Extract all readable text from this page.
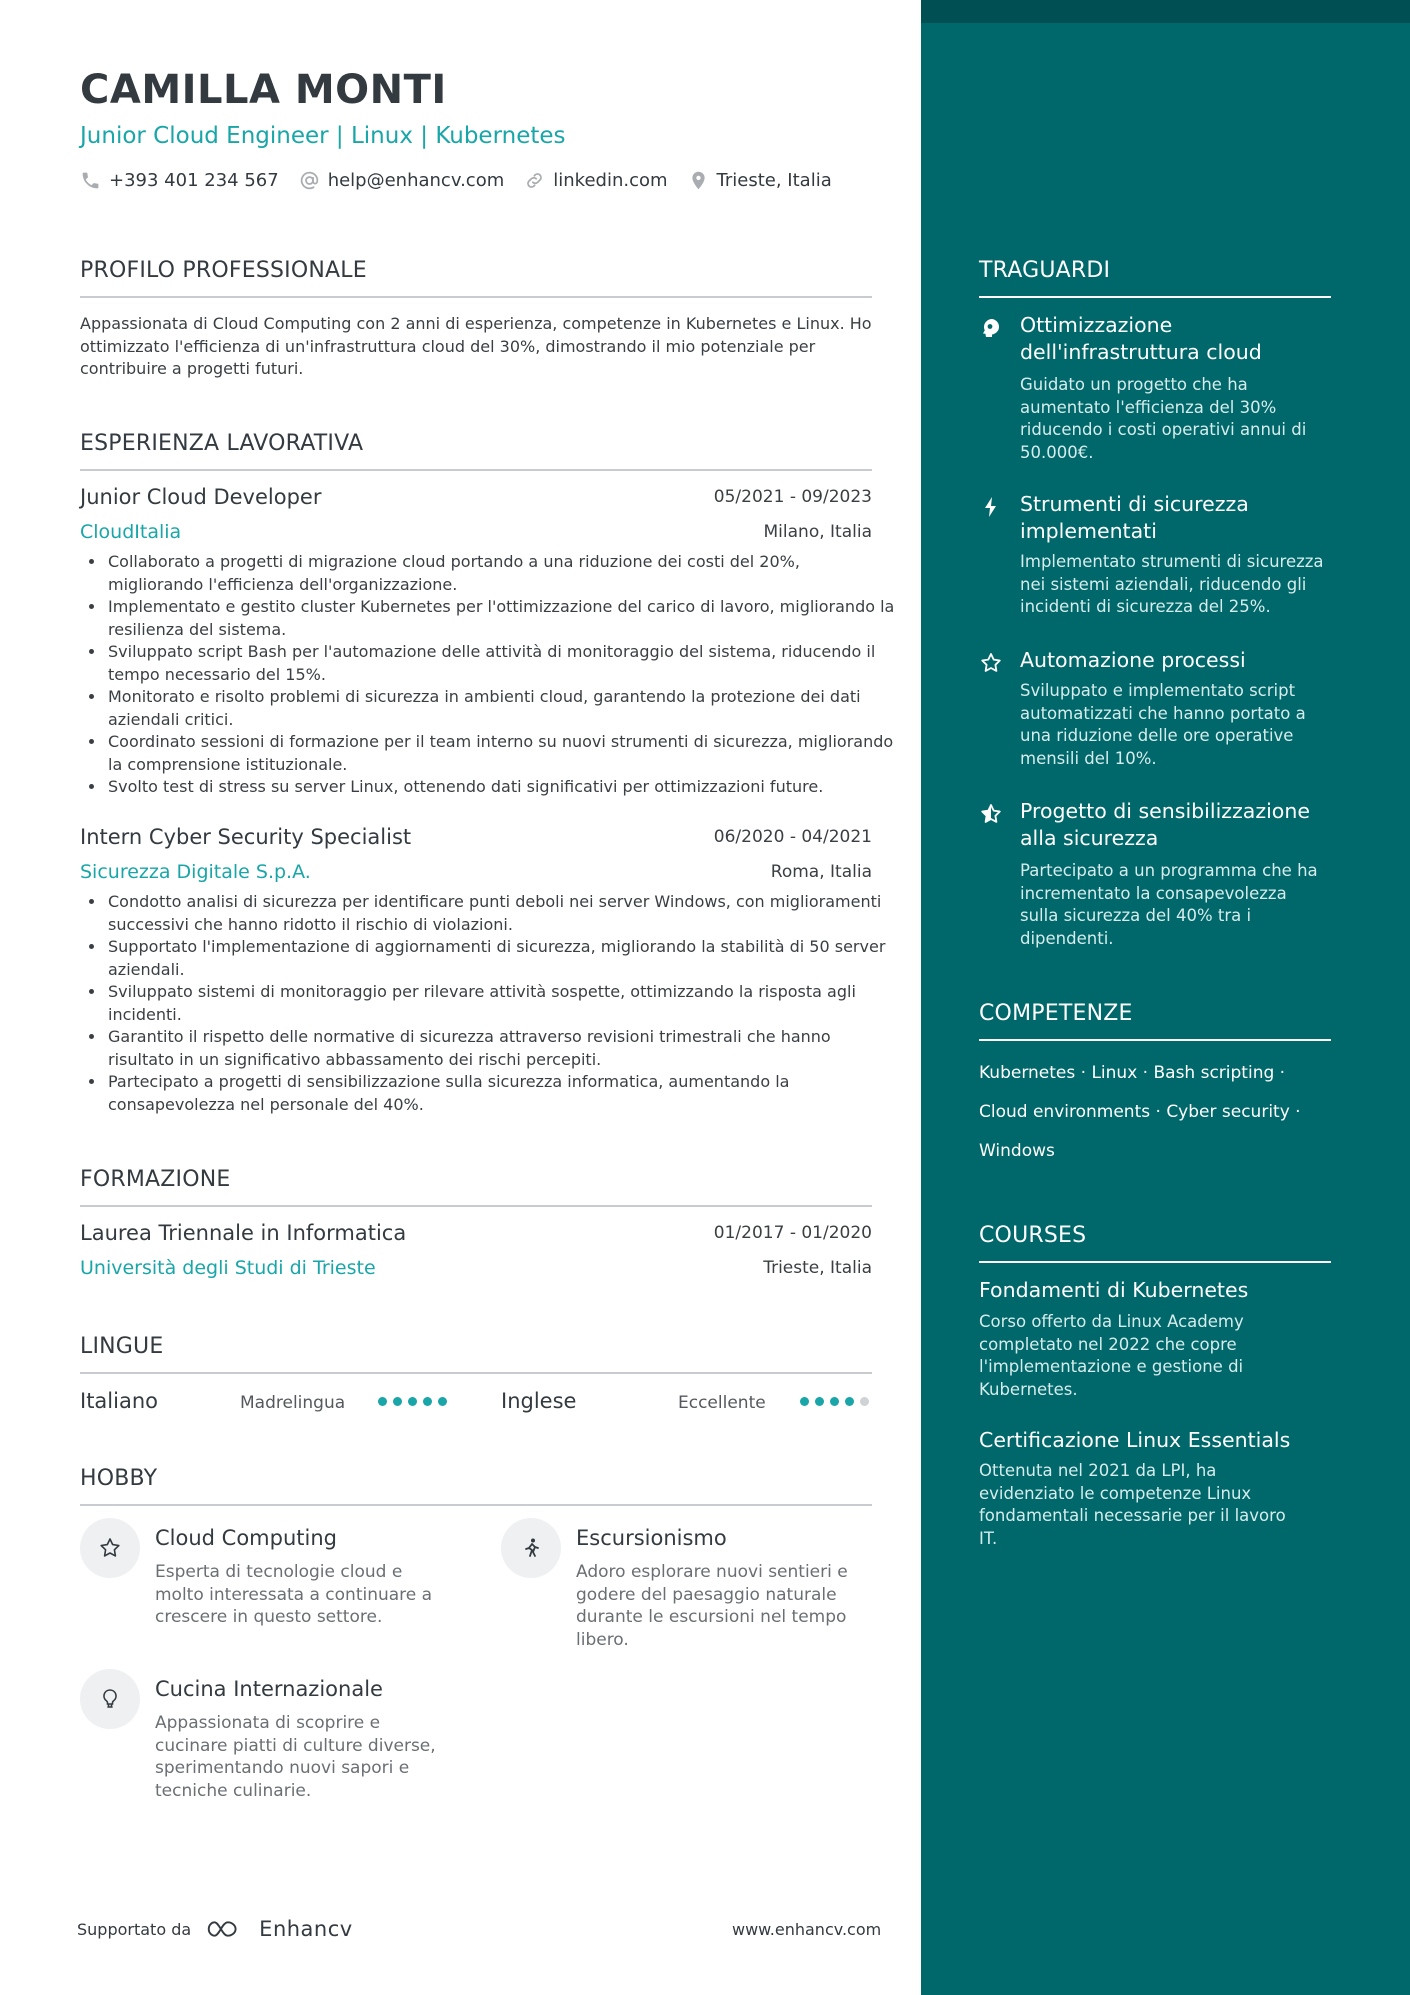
CAMILLA MONTI
Junior Cloud Engineer | Linux | Kubernetes
+393 401 234 567	help@enhancv.com	linkedin.com	Trieste, Italia
PROFILO PROFESSIONALE
Appassionata di Cloud Computing con 2 anni di esperienza, competenze in Kubernetes e Linux. Ho ottimizzato l'efficienza di un'infrastruttura cloud del 30%, dimostrando il mio potenziale per contribuire a progetti futuri.
ESPERIENZA LAVORATIVA
Junior Cloud Developer	05/2021 - 09/2023
CloudItalia	Milano, Italia
• Collaborato a progetti di migrazione cloud portando a una riduzione dei costi del 20%, migliorando l'efficienza dell'organizzazione.
• Implementato e gestito cluster Kubernetes per l'ottimizzazione del carico di lavoro, migliorando la resilienza del sistema.
• Sviluppato script Bash per l'automazione delle attività di monitoraggio del sistema, riducendo il tempo necessario del 15%.
• Monitorato e risolto problemi di sicurezza in ambienti cloud, garantendo la protezione dei dati aziendali critici.
• Coordinato sessioni di formazione per il team interno su nuovi strumenti di sicurezza, migliorando la comprensione istituzionale.
• Svolto test di stress su server Linux, ottenendo dati significativi per ottimizzazioni future.
Intern Cyber Security Specialist	06/2020 - 04/2021
Sicurezza Digitale S.p.A.	Roma, Italia
• Condotto analisi di sicurezza per identificare punti deboli nei server Windows, con miglioramenti successivi che hanno ridotto il rischio di violazioni.
• Supportato l'implementazione di aggiornamenti di sicurezza, migliorando la stabilità di 50 server aziendali.
• Sviluppato sistemi di monitoraggio per rilevare attività sospette, ottimizzando la risposta agli incidenti.
• Garantito il rispetto delle normative di sicurezza attraverso revisioni trimestrali che hanno risultato in un significativo abbassamento dei rischi percepiti.
• Partecipato a progetti di sensibilizzazione sulla sicurezza informatica, aumentando la consapevolezza nel personale del 40%.
FORMAZIONE
Laurea Triennale in Informatica	01/2017 - 01/2020
Università degli Studi di Trieste	Trieste, Italia
LINGUE
Italiano	Madrelingua	Inglese	Eccellente
HOBBY
Cloud Computing
Esperta di tecnologie cloud e molto interessata a continuare a crescere in questo settore.
Escursionismo
Adoro esplorare nuovi sentieri e godere del paesaggio naturale durante le escursioni nel tempo libero.
Cucina Internazionale
Appassionata di scoprire e cucinare piatti di culture diverse, sperimentando nuovi sapori e tecniche culinarie.
Supportato da	Enhancv	www.enhancv.com
TRAGUARDI
Ottimizzazione dell'infrastruttura cloud
Guidato un progetto che ha aumentato l'efficienza del 30% riducendo i costi operativi annui di 50.000€.
Strumenti di sicurezza implementati
Implementato strumenti di sicurezza nei sistemi aziendali, riducendo gli incidenti di sicurezza del 25%.
Automazione processi
Sviluppato e implementato script automatizzati che hanno portato a una riduzione delle ore operative mensili del 10%.
Progetto di sensibilizzazione alla sicurezza
Partecipato a un programma che ha incrementato la consapevolezza sulla sicurezza del 40% tra i dipendenti.
COMPETENZE
Kubernetes · Linux · Bash scripting ·
Cloud environments · Cyber security ·
Windows
COURSES
Fondamenti di Kubernetes
Corso offerto da Linux Academy completato nel 2022 che copre l'implementazione e gestione di Kubernetes.
Certificazione Linux Essentials
Ottenuta nel 2021 da LPI, ha evidenziato le competenze Linux fondamentali necessarie per il lavoro IT.
